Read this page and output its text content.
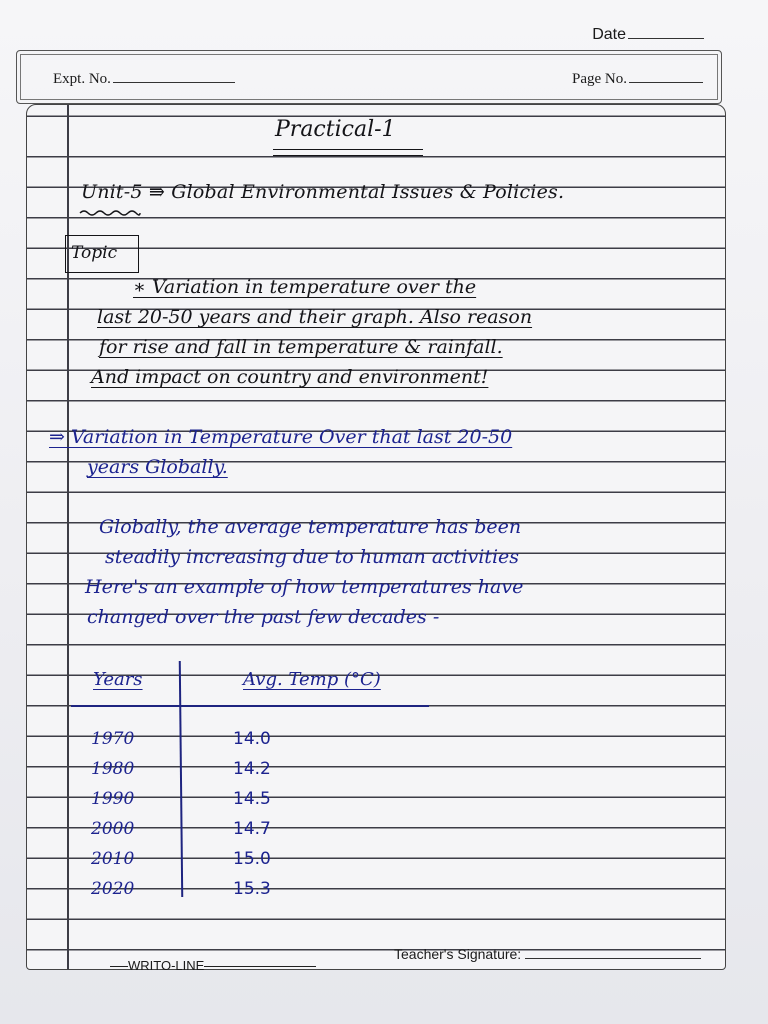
Date
Expt. No.	Page No.
Practical-1
Unit-5 ⇛ Global Environmental Issues & Policies.
Topic
∗ Variation in temperature over the
last 20-50 years and their graph. Also reason
for rise and fall in temperature & rainfall.
And impact on country and environment!
⇒ Variation in Temperature Over that last 20-50
years Globally.
Globally, the average temperature has been
steadily increasing due to human activities
Here's an example of how temperatures have
changed over the past few decades -
Years	Avg. Temp (°C)
1970	14.0
1980	14.2
1990	14.5
2000	14.7
2010	15.0
2020	15.3
Teacher's Signature:
WRITO-LINE
